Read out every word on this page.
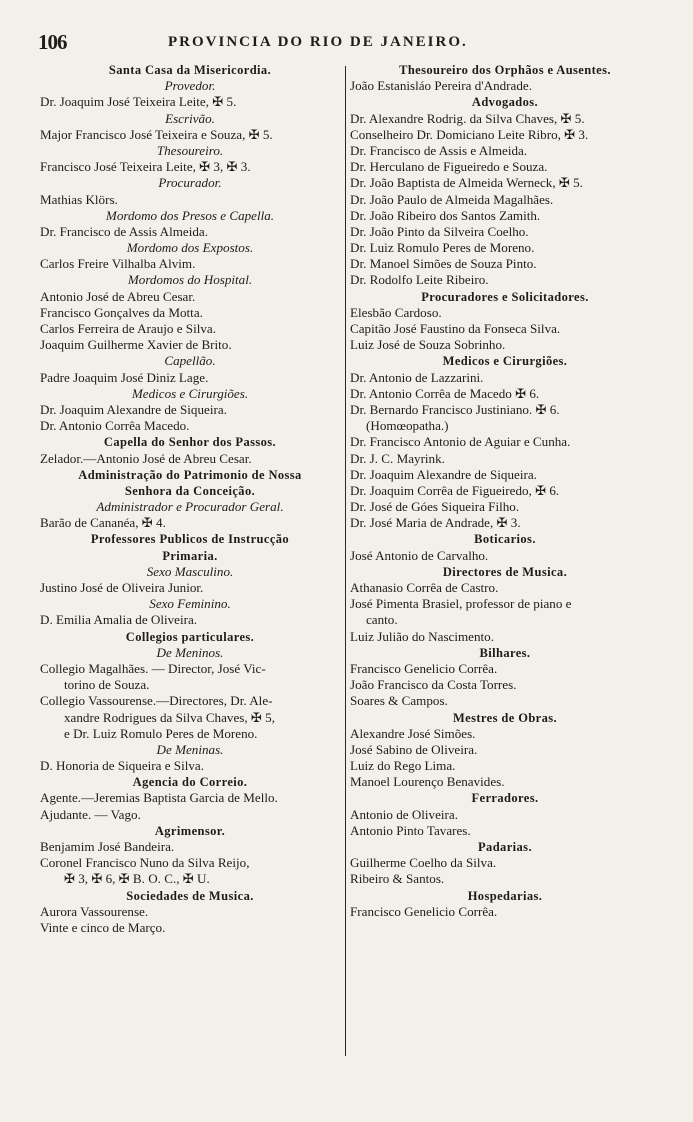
106	PROVINCIA DO RIO DE JANEIRO.
Santa Casa da Misericordia.
Provedor.
Dr. Joaquim José Teixeira Leite, ✠ 5.
Escrivão.
Major Francisco José Teixeira e Souza, ✠ 5.
Thesoureiro.
Francisco José Teixeira Leite, ✠ 3, ✠ 3.
Procurador.
Mathias Klörs.
Mordomo dos Presos e Capella.
Dr. Francisco de Assis Almeida.
Mordomo dos Expostos.
Carlos Freire Vilhalba Alvim.
Mordomos do Hospital.
Antonio José de Abreu Cesar.
Francisco Gonçalves da Motta.
Carlos Ferreira de Araujo e Silva.
Joaquim Guilherme Xavier de Brito.
Capellão.
Padre Joaquim José Diniz Lage.
Medicos e Cirurgiões.
Dr. Joaquim Alexandre de Siqueira.
Dr. Antonio Corrêa Macedo.
Capella do Senhor dos Passos.
Zelador.—Antonio José de Abreu Cesar.
Administração do Patrimonio de Nossa
Senhora da Conceição.
Administrador e Procurador Geral.
Barão de Cananéa, ✠ 4.
Professores Publicos de Instrucção
Primaria.
Sexo Masculino.
Justino José de Oliveira Junior.
Sexo Feminino.
D. Emilia Amalia de Oliveira.
Collegios particulares.
De Meninos.
Collegio Magalhães. — Director, José Vic-
torino de Souza.
Collegio Vassourense.—Directores, Dr. Ale-
xandre Rodrigues da Silva Chaves, ✠ 5,
e Dr. Luiz Romulo Peres de Moreno.
De Meninas.
D. Honoria de Siqueira e Silva.
Agencia do Correio.
Agente.—Jeremias Baptista Garcia de Mello.
Ajudante. — Vago.
Agrimensor.
Benjamim José Bandeira.
Coronel Francisco Nuno da Silva Reijo,
✠ 3, ✠ 6, ✠ B. O. C., ✠ U.
Sociedades de Musica.
Aurora Vassourense.
Vinte e cinco de Março.
Thesoureiro dos Orphãos e Ausentes.
João Estanisláo Pereira d'Andrade.
Advogados.
Dr. Alexandre Rodrig. da Silva Chaves, ✠ 5.
Conselheiro Dr. Domiciano Leite Ribro, ✠ 3.
Dr. Francisco de Assis e Almeida.
Dr. Herculano de Figueiredo e Souza.
Dr. João Baptista de Almeida Werneck, ✠ 5.
Dr. João Paulo de Almeida Magalhães.
Dr. João Ribeiro dos Santos Zamith.
Dr. João Pinto da Silveira Coelho.
Dr. Luiz Romulo Peres de Moreno.
Dr. Manoel Simões de Souza Pinto.
Dr. Rodolfo Leite Ribeiro.
Procuradores e Solicitadores.
Elesbão Cardoso.
Capitão José Faustino da Fonseca Silva.
Luiz José de Souza Sobrinho.
Medicos e Cirurgiões.
Dr. Antonio de Lazzarini.
Dr. Antonio Corrêa de Macedo ✠ 6.
Dr. Bernardo Francisco Justiniano. ✠ 6.
(Homœopatha.)
Dr. Francisco Antonio de Aguiar e Cunha.
Dr. J. C. Mayrink.
Dr. Joaquim Alexandre de Siqueira.
Dr. Joaquim Corrêa de Figueiredo, ✠ 6.
Dr. José de Góes Siqueira Filho.
Dr. José Maria de Andrade, ✠ 3.
Boticarios.
José Antonio de Carvalho.
Directores de Musica.
Athanasio Corrêa de Castro.
José Pimenta Brasiel, professor de piano e
canto.
Luiz Julião do Nascimento.
Bilhares.
Francisco Genelicio Corrêa.
João Francisco da Costa Torres.
Soares & Campos.
Mestres de Obras.
Alexandre José Simões.
José Sabino de Oliveira.
Luiz do Rego Lima.
Manoel Lourenço Benavides.
Ferradores.
Antonio de Oliveira.
Antonio Pinto Tavares.
Padarias.
Guilherme Coelho da Silva.
Ribeiro & Santos.
Hospedarias.
Francisco Genelicio Corrêa.
